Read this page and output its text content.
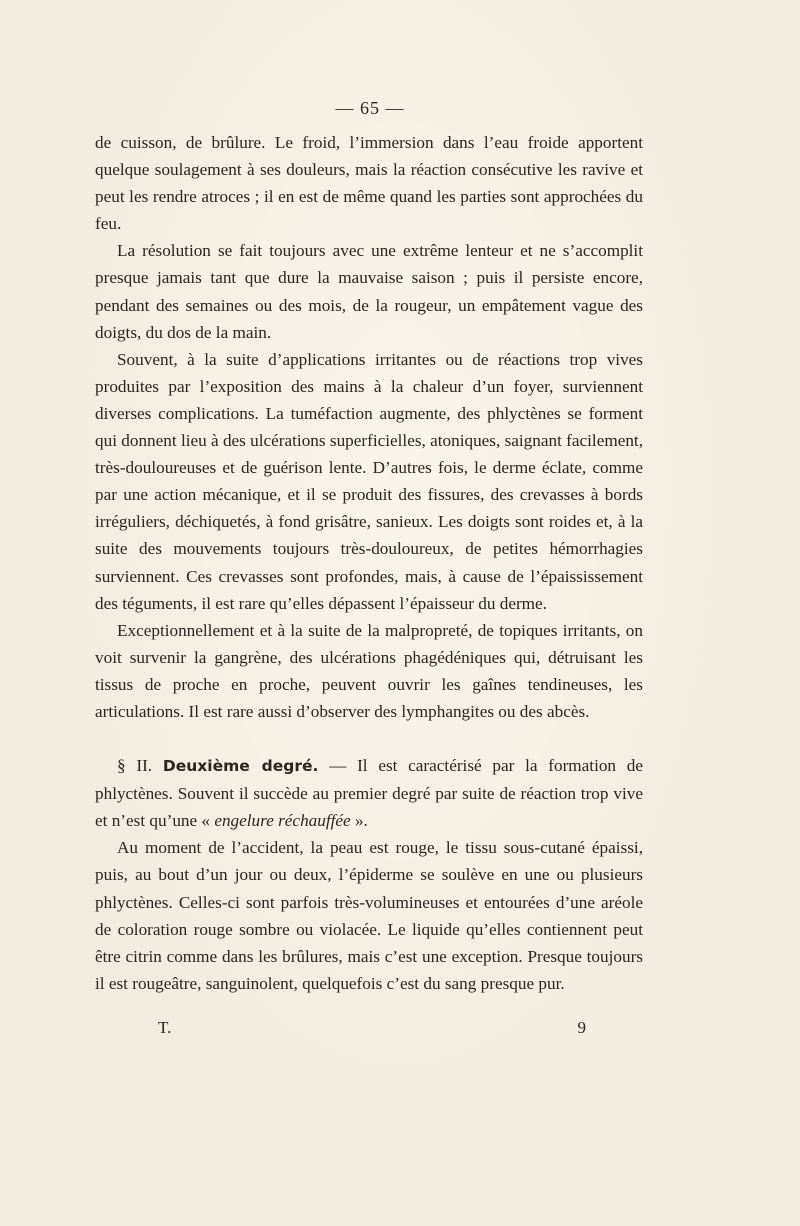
— 65 —

de cuisson, de brûlure. Le froid, l’immersion dans l’eau froide apportent quelque soulagement à ses douleurs, mais la réaction consécutive les ravive et peut les rendre atroces ; il en est de même quand les parties sont approchées du feu.

La résolution se fait toujours avec une extrême lenteur et ne s’accomplit presque jamais tant que dure la mauvaise saison ; puis il persiste encore, pendant des semaines ou des mois, de la rougeur, un empâtement vague des doigts, du dos de la main.

Souvent, à la suite d’applications irritantes ou de réactions trop vives produites par l’exposition des mains à la chaleur d’un foyer, surviennent diverses complications. La tuméfaction augmente, des phlyctènes se forment qui donnent lieu à des ulcérations superficielles, atoniques, saignant facilement, très-douloureuses et de guérison lente. D’autres fois, le derme éclate, comme par une action mécanique, et il se produit des fissures, des crevasses à bords irréguliers, déchiquetés, à fond grisâtre, sanieux. Les doigts sont roides et, à la suite des mouvements toujours très-douloureux, de petites hémorrhagies surviennent. Ces crevasses sont profondes, mais, à cause de l’épaississement des téguments, il est rare qu’elles dépassent l’épaisseur du derme.

Exceptionnellement et à la suite de la malpropreté, de topiques irritants, on voit survenir la gangrène, des ulcérations phagédéniques qui, détruisant les tissus de proche en proche, peuvent ouvrir les gaînes tendineuses, les articulations. Il est rare aussi d’observer des lymphangites ou des abcès.

§ II. Deuxième degré. — Il est caractérisé par la formation de phlyctènes. Souvent il succède au premier degré par suite de réaction trop vive et n’est qu’une « engelure réchauffée ».

Au moment de l’accident, la peau est rouge, le tissu sous-cutané épaissi, puis, au bout d’un jour ou deux, l’épiderme se soulève en une ou plusieurs phlyctènes. Celles-ci sont parfois très-volumineuses et entourées d’une aréole de coloration rouge sombre ou violacée. Le liquide qu’elles contiennent peut être citrin comme dans les brûlures, mais c’est une exception. Presque toujours il est rougeâtre, sanguinolent, quelquefois c’est du sang presque pur.

T.	9
